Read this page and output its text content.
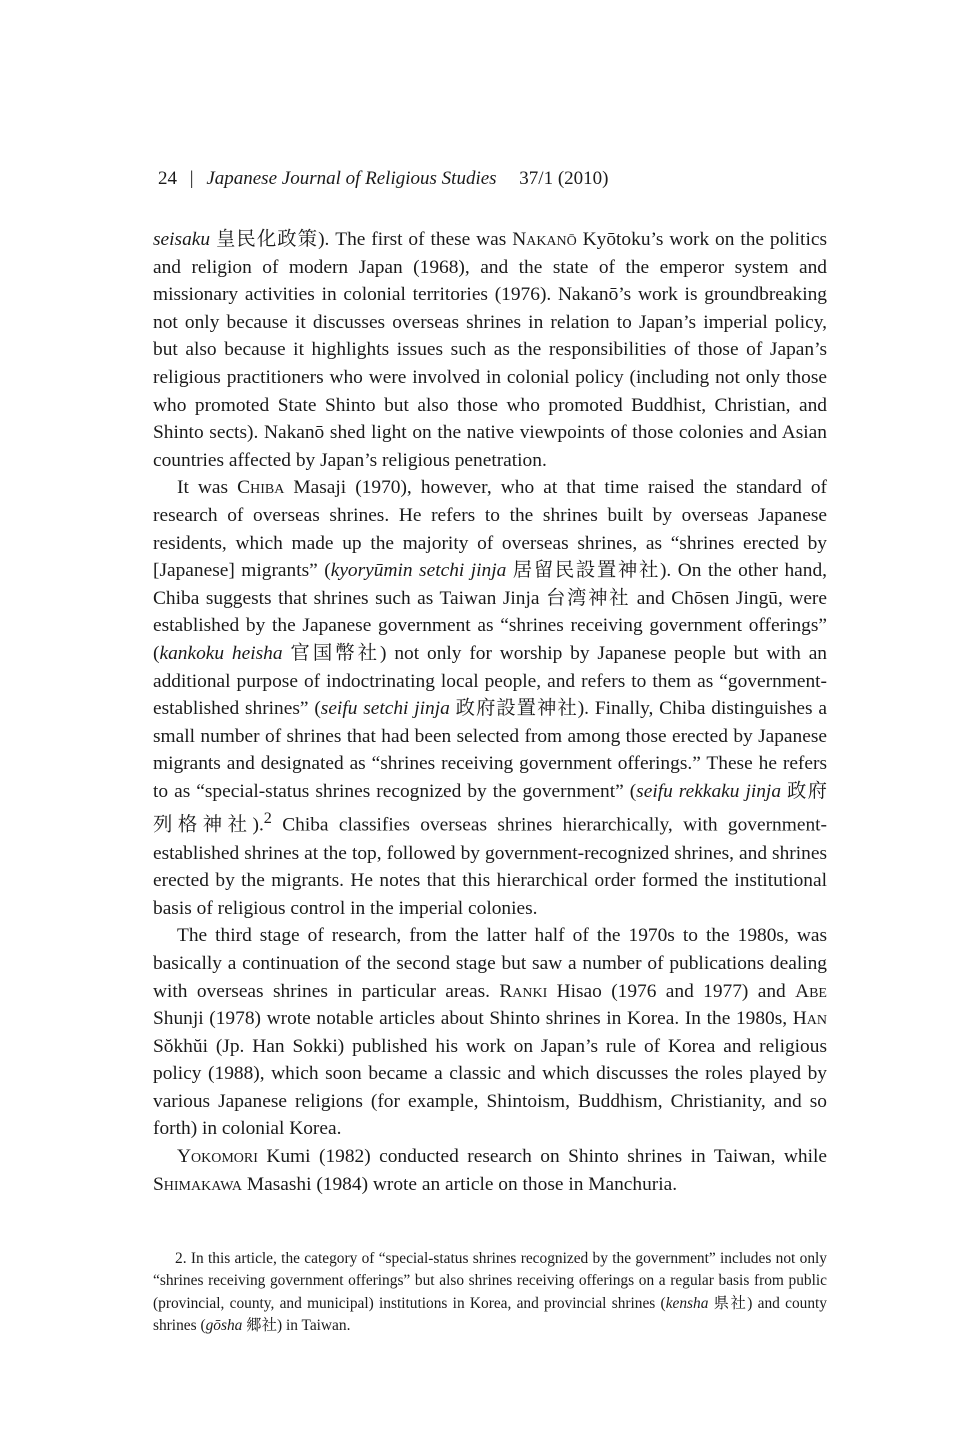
24 | Japanese Journal of Religious Studies 37/1 (2010)

seisaku 皇民化政策). The first of these was Nakanō Kyōtoku’s work on the politics and religion of modern Japan (1968), and the state of the emperor system and missionary activities in colonial territories (1976). Nakanō’s work is groundbreaking not only because it discusses overseas shrines in relation to Japan’s imperial policy, but also because it highlights issues such as the responsibilities of those of Japan’s religious practitioners who were involved in colonial policy (including not only those who promoted State Shinto but also those who promoted Buddhist, Christian, and Shinto sects). Nakanō shed light on the native viewpoints of those colonies and Asian countries affected by Japan’s religious penetration.

It was Chiba Masaji (1970), however, who at that time raised the standard of research of overseas shrines. He refers to the shrines built by overseas Japanese residents, which made up the majority of overseas shrines, as “shrines erected by [Japanese] migrants” (kyoryūmin setchi jinja 居留民設置神社). On the other hand, Chiba suggests that shrines such as Taiwan Jinja 台湾神社 and Chōsen Jingū, were established by the Japanese government as “shrines receiving government offerings” (kankoku heisha 官国幣社) not only for worship by Japanese people but with an additional purpose of indoctrinating local people, and refers to them as “government-established shrines” (seifu setchi jinja 政府設置神社). Finally, Chiba distinguishes a small number of shrines that had been selected from among those erected by Japanese migrants and designated as “shrines receiving government offerings.” These he refers to as “special-status shrines recognized by the government” (seifu rekkaku jinja 政府列格神社).$^2$ Chiba classifies overseas shrines hierarchically, with government-established shrines at the top, followed by government-recognized shrines, and shrines erected by the migrants. He notes that this hierarchical order formed the institutional basis of religious control in the imperial colonies.

The third stage of research, from the latter half of the 1970s to the 1980s, was basically a continuation of the second stage but saw a number of publications dealing with overseas shrines in particular areas. Ranki Hisao (1976 and 1977) and Abe Shunji (1978) wrote notable articles about Shinto shrines in Korea. In the 1980s, Han Sŏkhŭi (Jp. Han Sokki) published his work on Japan’s rule of Korea and religious policy (1988), which soon became a classic and which discusses the roles played by various Japanese religions (for example, Shintoism, Buddhism, Christianity, and so forth) in colonial Korea.

Yokomori Kumi (1982) conducted research on Shinto shrines in Taiwan, while Shimakawa Masashi (1984) wrote an article on those in Manchuria.

2. In this article, the category of “special-status shrines recognized by the government” includes not only “shrines receiving government offerings” but also shrines receiving offerings on a regular basis from public (provincial, county, and municipal) institutions in Korea, and provincial shrines (kensha 県社) and county shrines (gōsha 郷社) in Taiwan.
